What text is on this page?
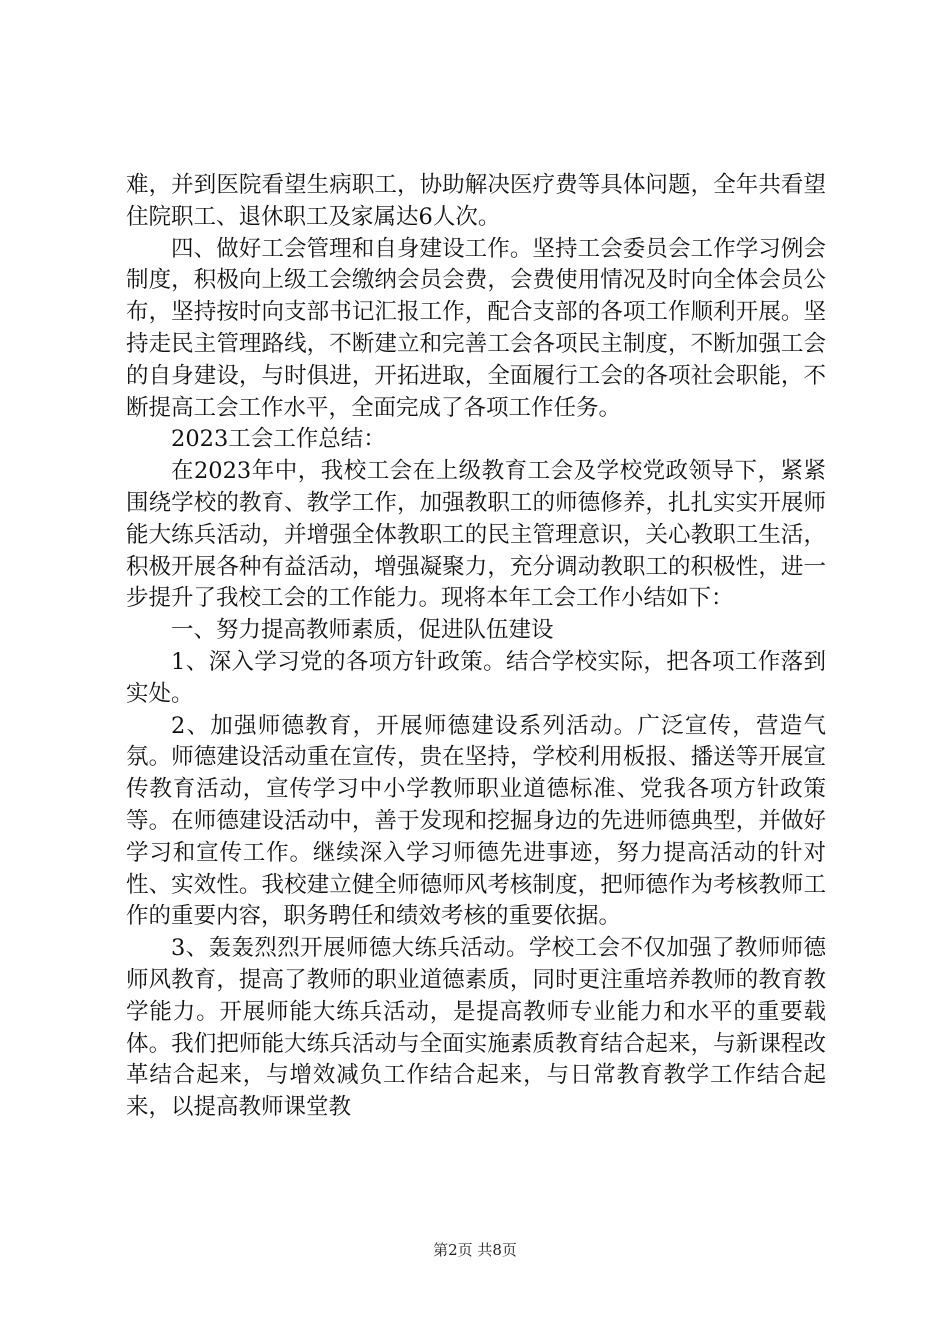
难，并到医院看望生病职工，协助解决医疗费等具体问题，全年共看望住院职工、退休职工及家属达6人次。

四、做好工会管理和自身建设工作。坚持工会委员会工作学习例会制度，积极向上级工会缴纳会员会费，会费使用情况及时向全体会员公布，坚持按时向支部书记汇报工作，配合支部的各项工作顺利开展。坚持走民主管理路线，不断建立和完善工会各项民主制度，不断加强工会的自身建设，与时俱进，开拓进取，全面履行工会的各项社会职能，不断提高工会工作水平，全面完成了各项工作任务。

2023工会工作总结：

在2023年中，我校工会在上级教育工会及学校党政领导下，紧紧围绕学校的教育、教学工作，加强教职工的师德修养，扎扎实实开展师能大练兵活动，并增强全体教职工的民主管理意识，关心教职工生活，积极开展各种有益活动，增强凝聚力，充分调动教职工的积极性，进一步提升了我校工会的工作能力。现将本年工会工作小结如下：

一、努力提高教师素质，促进队伍建设

1、深入学习党的各项方针政策。结合学校实际，把各项工作落到实处。

2、加强师德教育，开展师德建设系列活动。广泛宣传，营造气氛。师德建设活动重在宣传，贵在坚持，学校利用板报、播送等开展宣传教育活动，宣传学习中小学教师职业道德标准、党我各项方针政策等。在师德建设活动中，善于发现和挖掘身边的先进师德典型，并做好学习和宣传工作。继续深入学习师德先进事迹，努力提高活动的针对性、实效性。我校建立健全师德师风考核制度，把师德作为考核教师工作的重要内容，职务聘任和绩效考核的重要依据。

3、轰轰烈烈开展师德大练兵活动。学校工会不仅加强了教师师德师风教育，提高了教师的职业道德素质，同时更注重培养教师的教育教学能力。开展师能大练兵活动，是提高教师专业能力和水平的重要载体。我们把师能大练兵活动与全面实施素质教育结合起来，与新课程改革结合起来，与增效减负工作结合起来，与日常教育教学工作结合起来，以提高教师课堂教

第2页 共8页
